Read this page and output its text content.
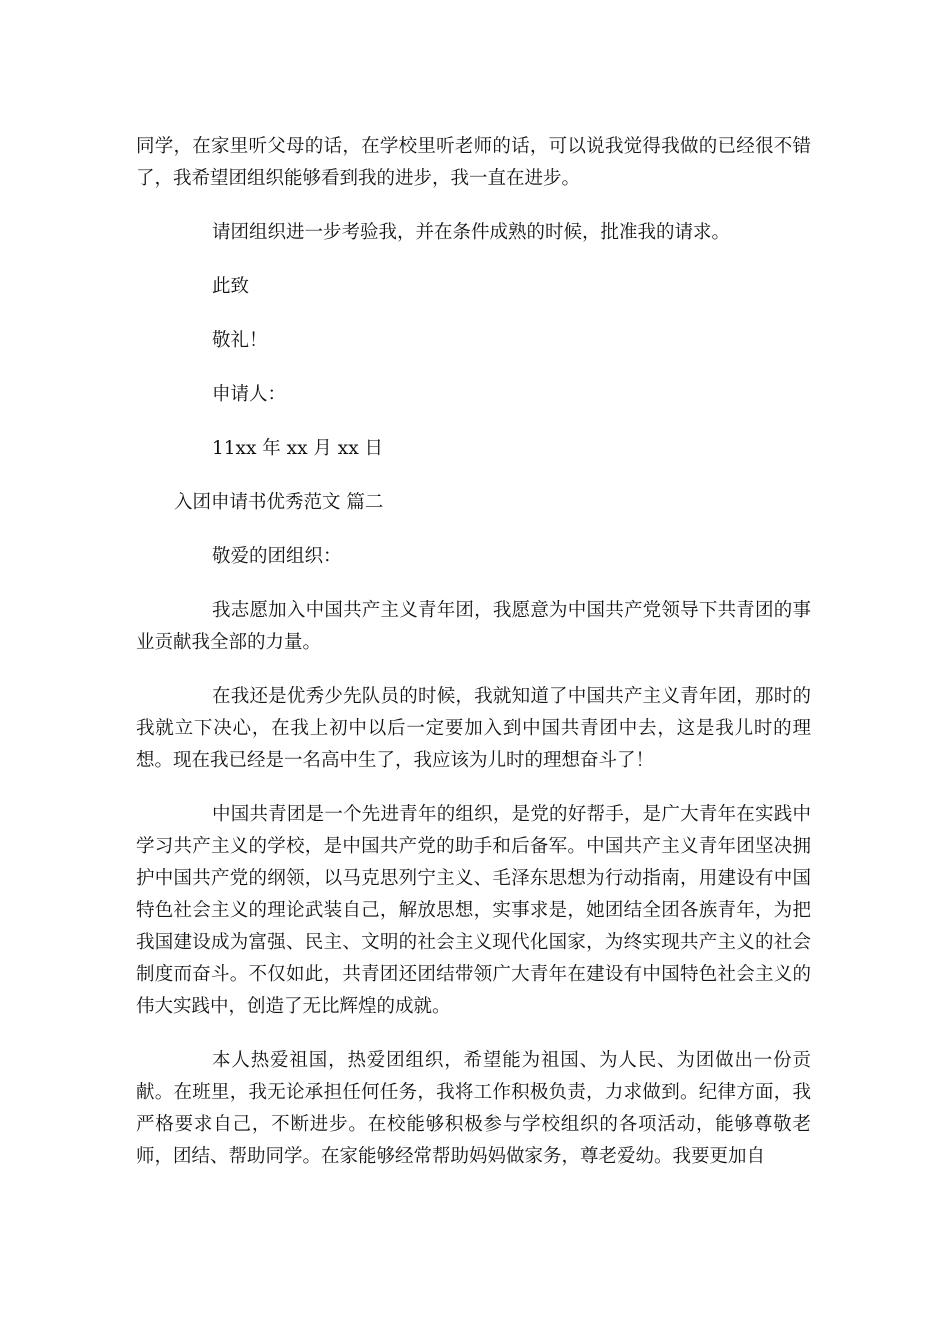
同学，在家里听父母的话，在学校里听老师的话，可以说我觉得我做的已经很不错了，我希望团组织能够看到我的进步，我一直在进步。

请团组织进一步考验我，并在条件成熟的时候，批准我的请求。

此致

敬礼！

申请人：

11xx 年 xx 月 xx 日

入团申请书优秀范文 篇二

敬爱的团组织：

我志愿加入中国共产主义青年团，我愿意为中国共产党领导下共青团的事业贡献我全部的力量。

在我还是优秀少先队员的时候，我就知道了中国共产主义青年团，那时的我就立下决心，在我上初中以后一定要加入到中国共青团中去，这是我儿时的理想。现在我已经是一名高中生了，我应该为儿时的理想奋斗了！

中国共青团是一个先进青年的组织，是党的好帮手，是广大青年在实践中学习共产主义的学校，是中国共产党的助手和后备军。中国共产主义青年团坚决拥护中国共产党的纲领，以马克思列宁主义、毛泽东思想为行动指南，用建设有中国特色社会主义的理论武装自己，解放思想，实事求是，她团结全团各族青年，为把我国建设成为富强、民主、文明的社会主义现代化国家，为终实现共产主义的社会制度而奋斗。不仅如此，共青团还团结带领广大青年在建设有中国特色社会主义的伟大实践中，创造了无比辉煌的成就。

本人热爱祖国，热爱团组织，希望能为祖国、为人民、为团做出一份贡献。在班里，我无论承担任何任务，我将工作积极负责，力求做到。纪律方面，我严格要求自己，不断进步。在校能够积极参与学校组织的各项活动，能够尊敬老师，团结、帮助同学。在家能够经常帮助妈妈做家务，尊老爱幼。我要更加自
